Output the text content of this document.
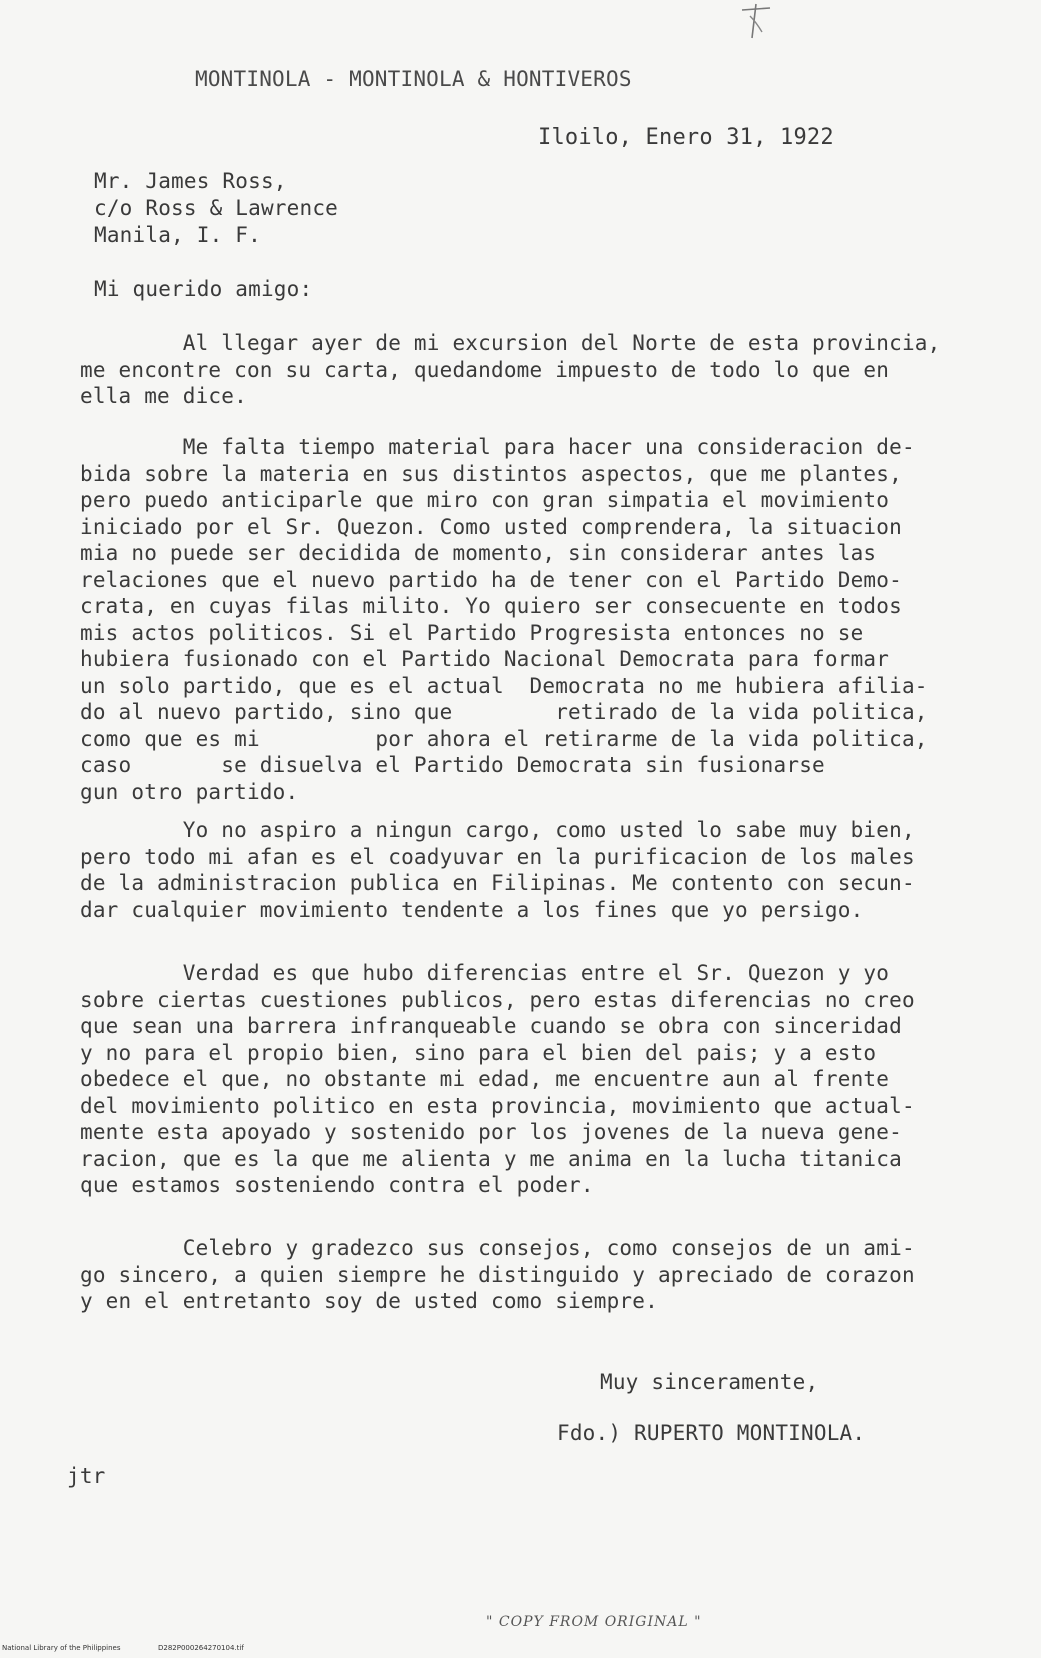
MONTINOLA - MONTINOLA & HONTIVEROS
Iloilo, Enero 31, 1922
Mr. James Ross,
c/o Ross & Lawrence
Manila, I. F.
Mi querido amigo:
Al llegar ayer de mi excursion del Norte de esta provincia,
me encontre con su carta, quedandome impuesto de todo lo que en
ella me dice.
Me falta tiempo material para hacer una consideracion de-
bida sobre la materia en sus distintos aspectos, que me plantes,
pero puedo anticiparle que miro con gran simpatia el movimiento
iniciado por el Sr. Quezon. Como usted comprendera, la situacion
mia no puede ser decidida de momento, sin considerar antes las
relaciones que el nuevo partido ha de tener con el Partido Demo-
crata, en cuyas filas milito. Yo quiero ser consecuente en todos
mis actos politicos. Si el Partido Progresista entonces no se
hubiera fusionado con el Partido Nacional Democrata para formar
un solo partido, que es el actual  Democrata no me hubiera afilia-
do al nuevo partido, sino que        retirado de la vida politica,
como que es mi         por ahora el retirarme de la vida politica,
caso       se disuelva el Partido Democrata sin fusionarse
gun otro partido.
Yo no aspiro a ningun cargo, como usted lo sabe muy bien,
pero todo mi afan es el coadyuvar en la purificacion de los males
de la administracion publica en Filipinas. Me contento con secun-
dar cualquier movimiento tendente a los fines que yo persigo.
Verdad es que hubo diferencias entre el Sr. Quezon y yo
sobre ciertas cuestiones publicos, pero estas diferencias no creo
que sean una barrera infranqueable cuando se obra con sinceridad
y no para el propio bien, sino para el bien del pais; y a esto
obedece el que, no obstante mi edad, me encuentre aun al frente
del movimiento politico en esta provincia, movimiento que actual-
mente esta apoyado y sostenido por los jovenes de la nueva gene-
racion, que es la que me alienta y me anima en la lucha titanica
que estamos sosteniendo contra el poder.
Celebro y gradezco sus consejos, como consejos de un ami-
go sincero, a quien siempre he distinguido y apreciado de corazon
y en el entretanto soy de usted como siempre.
Muy sinceramente,
Fdo.) RUPERTO MONTINOLA.
jtr
" COPY FROM ORIGINAL "
National Library of the Philippines	D282P000264270104.tif
